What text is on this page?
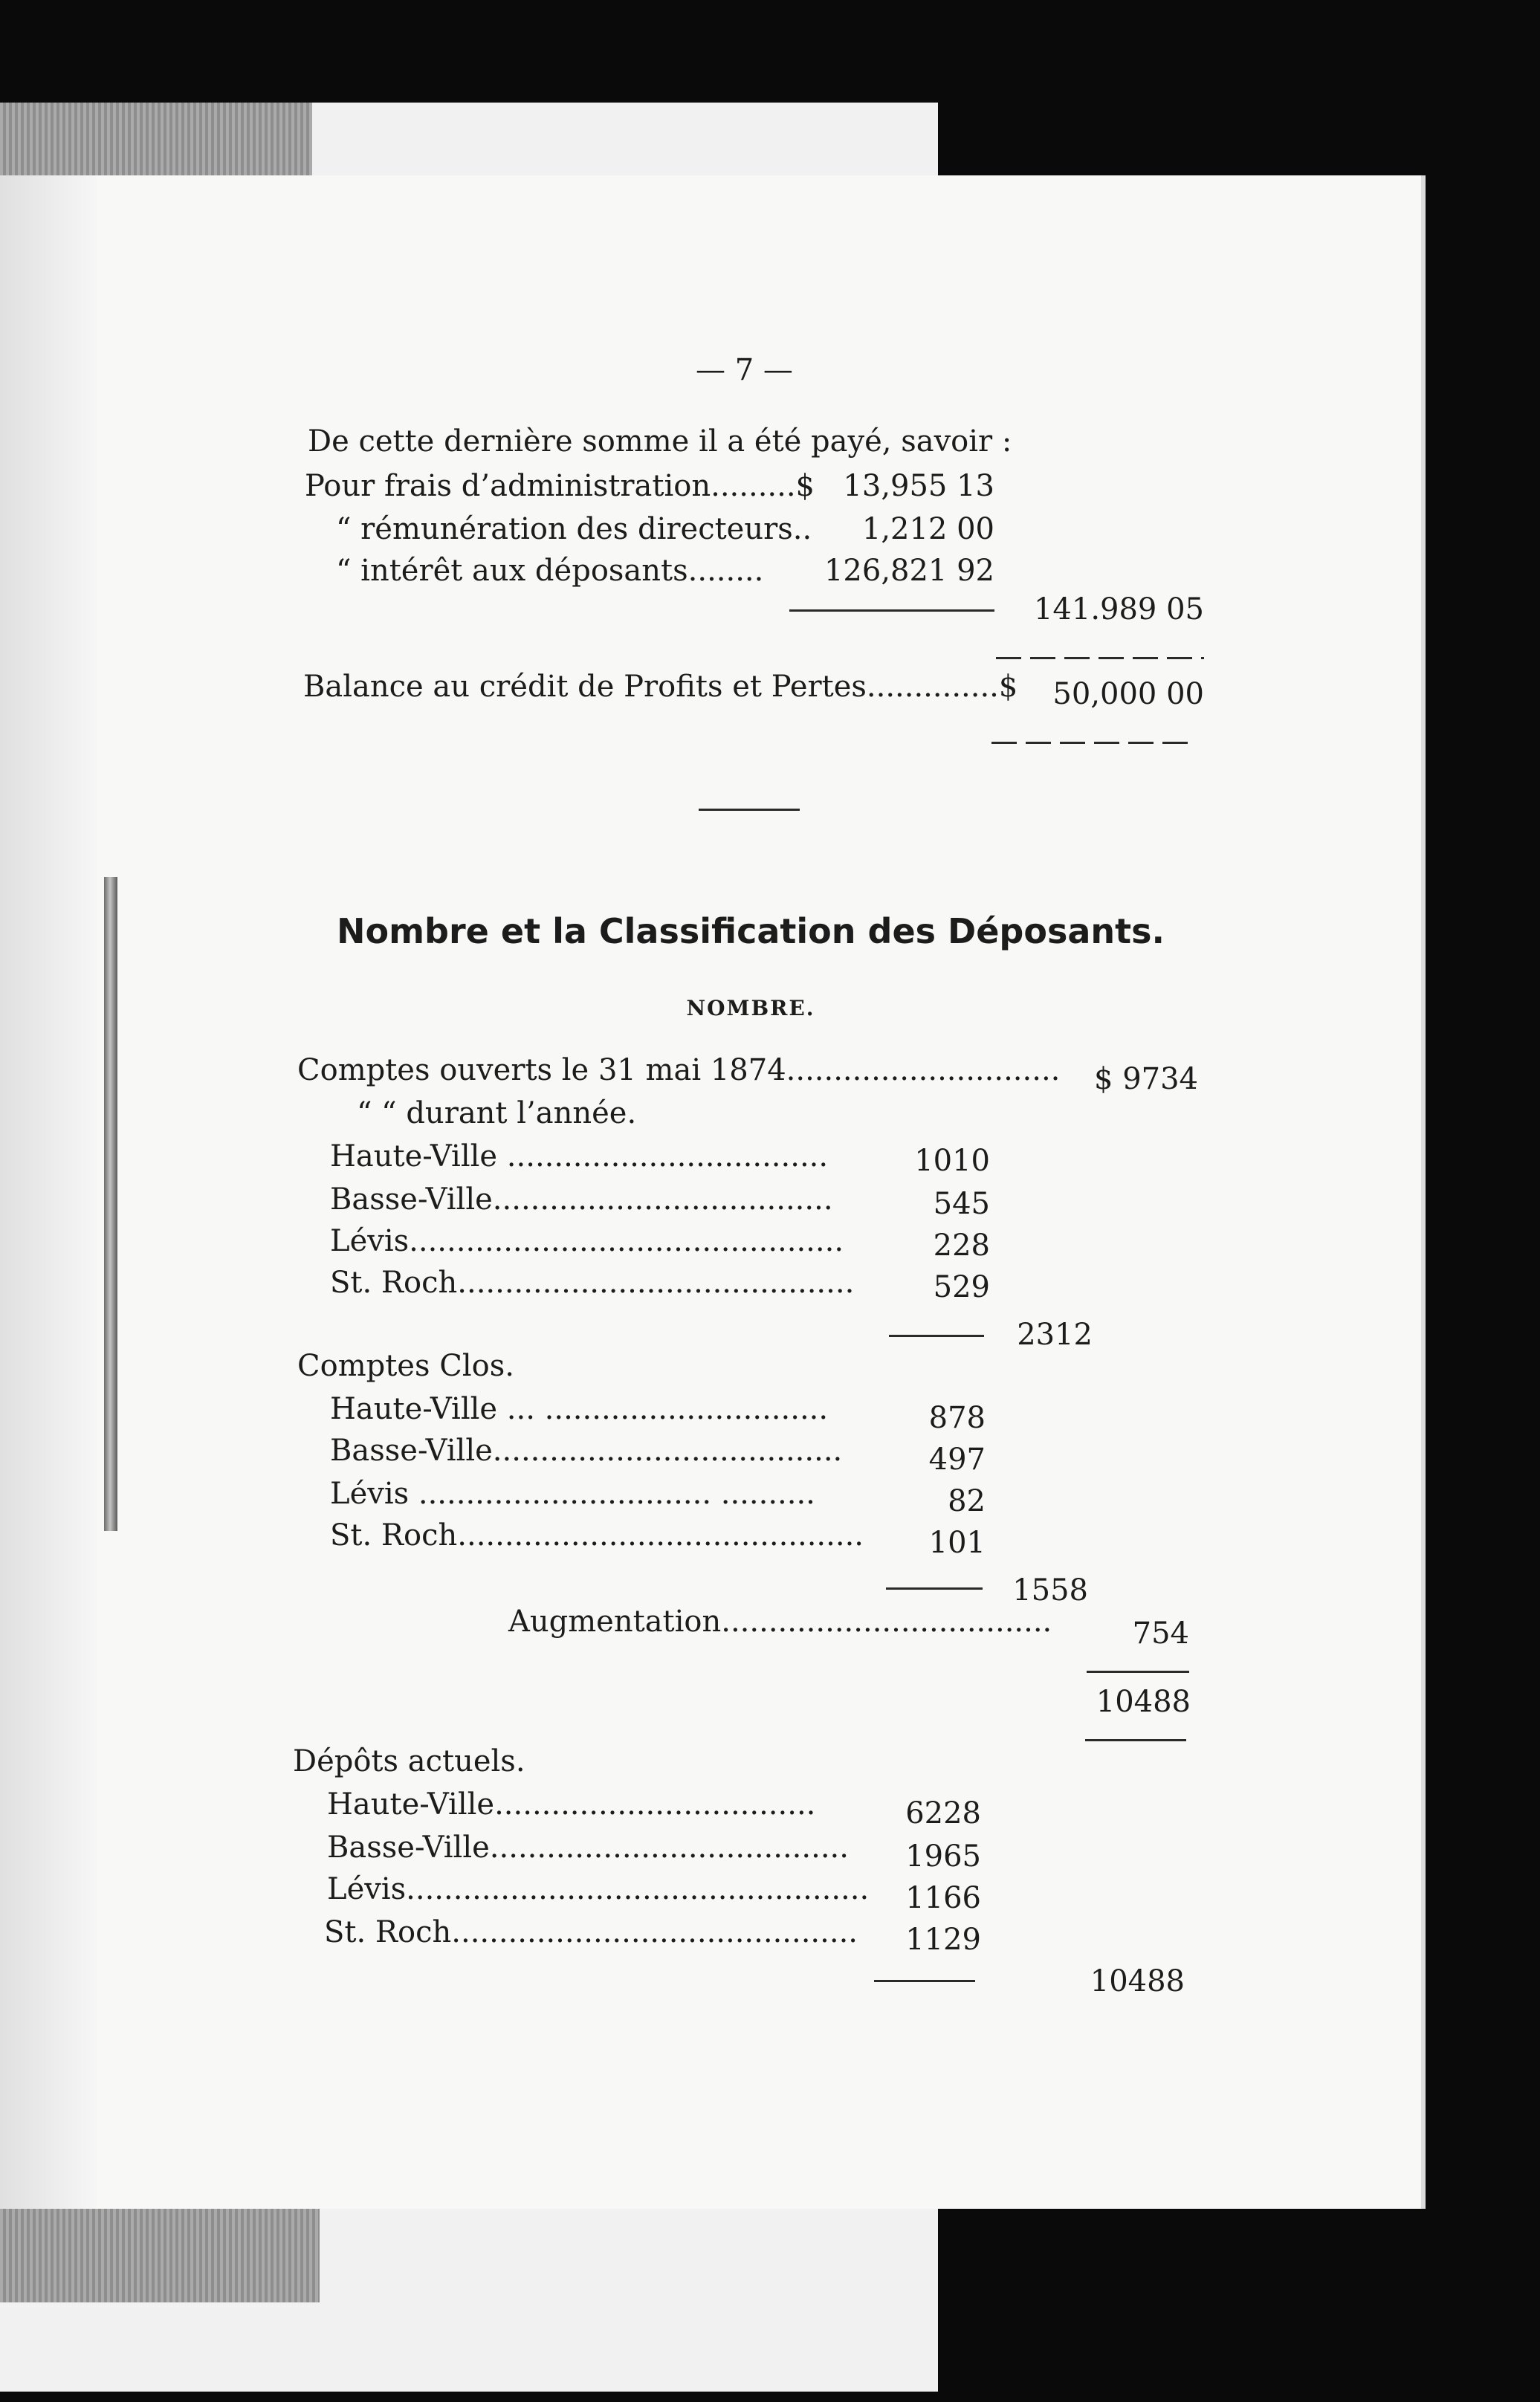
— 7 —
De cette dernière somme il a été payé, savoir :
Pour frais d’administration.........$ 13,955 13
“ rémunération des directeurs..	1,212 00
“ intérêt aux déposants........	126,821 92
141.989 05
Balance au crédit de Profits et Pertes..............$	50,000 00
Nombre et la Classification des Déposants.
NOMBRE.
Comptes ouverts le 31 mai 1874.............................	$ 9734
“ “ durant l’année.
Haute-Ville ..................................	1010
Basse-Ville....................................	545
Lévis..............................................	228
St. Roch..........................................	529
2312
Comptes Clos.
Haute-Ville ... ..............................	878
Basse-Ville.....................................	497
Lévis ............................... ..........	82
St. Roch...........................................	101
1558
Augmentation...................................	754
10488
Dépôts actuels.
Haute-Ville..................................	6228
Basse-Ville......................................	1965
Lévis.................................................	1166
St. Roch...........................................	1129
10488
